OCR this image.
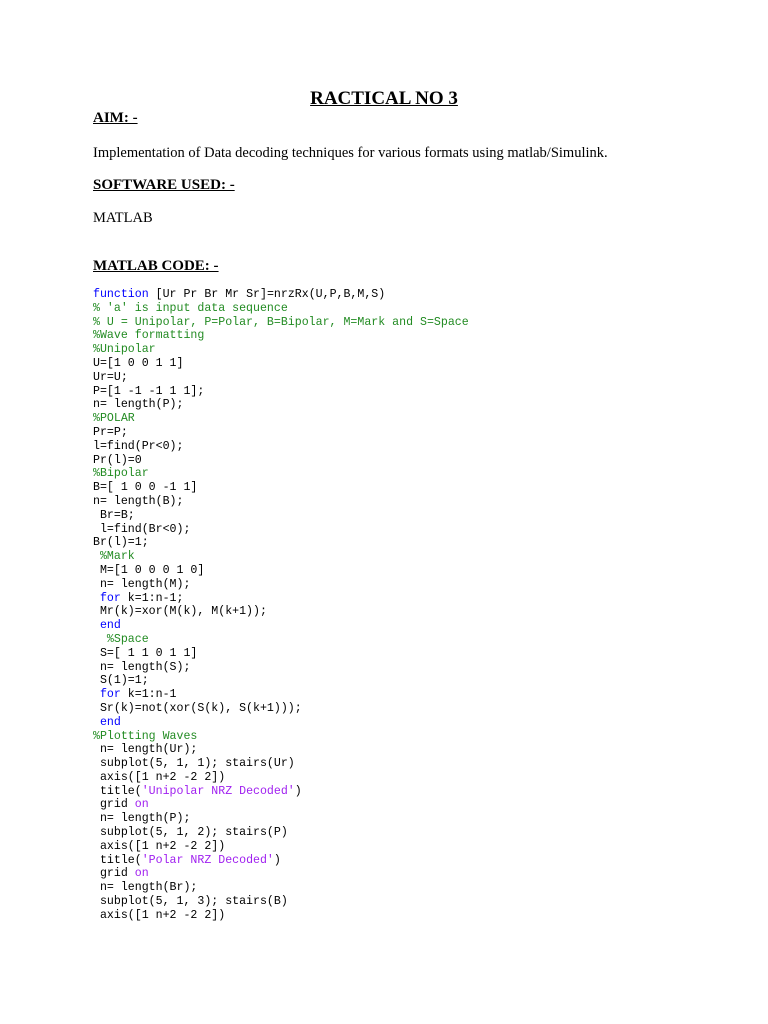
RACTICAL NO 3
AIM: -
Implementation of Data decoding techniques for various formats using matlab/Simulink.
SOFTWARE USED: -
MATLAB
MATLAB CODE: -
function [Ur Pr Br Mr Sr]=nrzRx(U,P,B,M,S)
% 'a' is input data sequence
% U = Unipolar, P=Polar, B=Bipolar, M=Mark and S=Space
%Wave formatting
%Unipolar
U=[1 0 0 1 1]
Ur=U;
P=[1 -1 -1 1 1];
n= length(P);
%POLAR
Pr=P;
l=find(Pr<0);
Pr(l)=0
%Bipolar
B=[ 1 0 0 -1 1]
n= length(B);
Br=B;
l=find(Br<0);
Br(l)=1;
%Mark
M=[1 0 0 0 1 0]
n= length(M);
for k=1:n-1;
Mr(k)=xor(M(k), M(k+1));
end
%Space
S=[ 1 1 0 1 1]
n= length(S);
S(1)=1;
for k=1:n-1
Sr(k)=not(xor(S(k), S(k+1)));
end
%Plotting Waves
n= length(Ur);
subplot(5, 1, 1); stairs(Ur)
axis([1 n+2 -2 2])
title('Unipolar NRZ Decoded')
grid on
n= length(P);
subplot(5, 1, 2); stairs(P)
axis([1 n+2 -2 2])
title('Polar NRZ Decoded')
grid on
n= length(Br);
subplot(5, 1, 3); stairs(B)
axis([1 n+2 -2 2])
